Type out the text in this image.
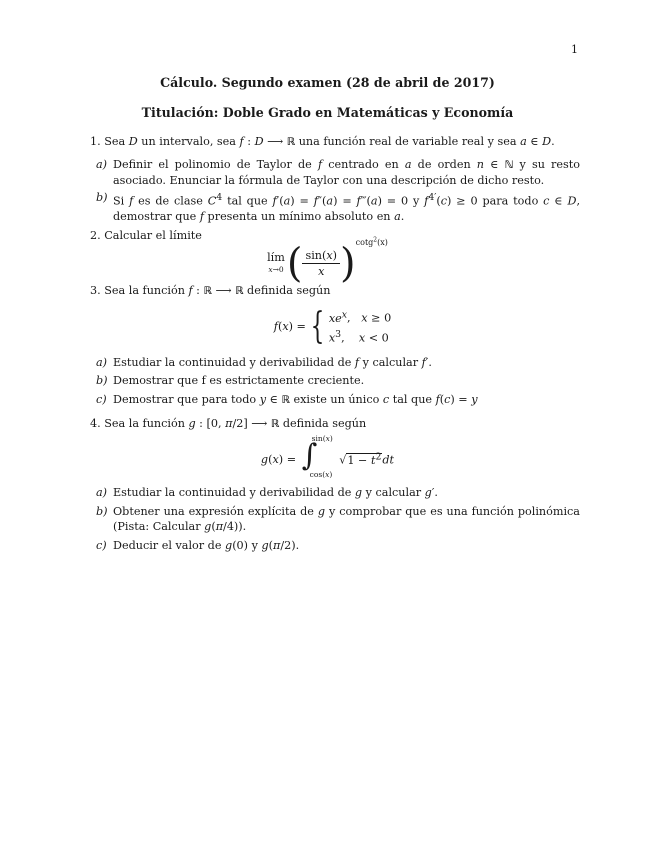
1
Cálculo. Segundo examen (28 de abril de 2017)
Titulación: Doble Grado en Matemáticas y Economía
1. Sea D un intervalo, sea f : D ⟶ ℝ una función real de variable real y sea a ∈ D.
a) Definir el polinomio de Taylor de f centrado en a de orden n ∈ ℕ y su resto asociado. Enunciar la fórmula de Taylor con una descripción de dicho resto.
b) Si f es de clase $C^4$ tal que f′(a) = f″(a) = f‴(a) = 0 y $f^{4'}(c) \ge 0$ para todo c ∈ D, demostrar que f presenta un mínimo absoluto en a.
2. Calcular el límite
lím
x→0 ( $\frac{\sin(x)}{x} )^{cotg^2(x)}$
3. Sea la función f : ℝ ⟶ ℝ definida según
f(x) = { $xe^x$,   x ≥ 0
$x^3$,    x < 0
a) Estudiar la continuidad y derivabilidad de f y calcular f′.
b) Demostrar que f es estrictamente creciente.
c) Demostrar que para todo y ∈ ℝ existe un único c tal que f(c) = y
4. Sea la función g : [0, π/2] ⟶ ℝ definida según
g(x) = ∫
sin(x)
cos(x)
$√1 - t^2dt$
a) Estudiar la continuidad y derivabilidad de g y calcular g′.
b) Obtener una expresión explícita de g y comprobar que es una función polinómica (Pista: Calcular g(π/4)).
c) Deducir el valor de g(0) y g(π/2).
